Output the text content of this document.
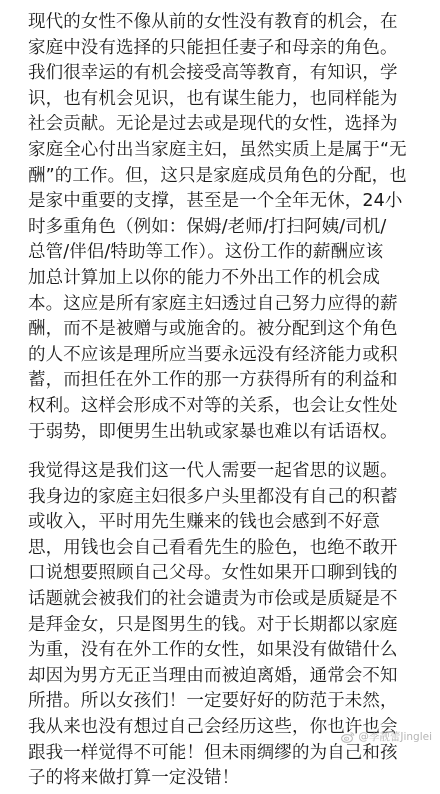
现代的女性不像从前的女性没有教育的机会，在
家庭中没有选择的只能担任妻子和母亲的角色。
我们很幸运的有机会接受高等教育，有知识，学
识，也有机会见识，也有谋生能力，也同样能为
社会贡献。无论是过去或是现代的女性，选择为
家庭全心付出当家庭主妇，虽然实质上是属于“无
酬”的工作。但，这只是家庭成员角色的分配，也
是家中重要的支撑，甚至是一个全年无休，24小
时多重角色（例如：保姆/老师/打扫阿姨/司机/
总管/伴侣/特助等工作）。这份工作的薪酬应该
加总计算加上以你的能力不外出工作的机会成
本。这应是所有家庭主妇透过自己努力应得的薪
酬，而不是被赠与或施舍的。被分配到这个角色
的人不应该是理所应当要永远没有经济能力或积
蓄，而担任在外工作的那一方获得所有的利益和
权利。这样会形成不对等的关系，也会让女性处
于弱势，即便男生出轨或家暴也难以有话语权。
我觉得这是我们这一代人需要一起省思的议题。
我身边的家庭主妇很多户头里都没有自己的积蓄
或收入，平时用先生赚来的钱也会感到不好意
思，用钱也会自己看看先生的脸色，也绝不敢开
口说想要照顾自己父母。女性如果开口聊到钱的
话题就会被我们的社会谴责为市侩或是质疑是不
是拜金女，只是图男生的钱。对于长期都以家庭
为重，没有在外工作的女性，如果没有做错什么
却因为男方无正当理由而被迫离婚，通常会不知
所措。所以女孩们！一定要好好的防范于未然，
我从来也没有想过自己会经历这些，你也许也会
跟我一样觉得不可能！但未雨绸缪的为自己和孩
子的将来做打算一定没错！
@李靓蕾Jinglei
